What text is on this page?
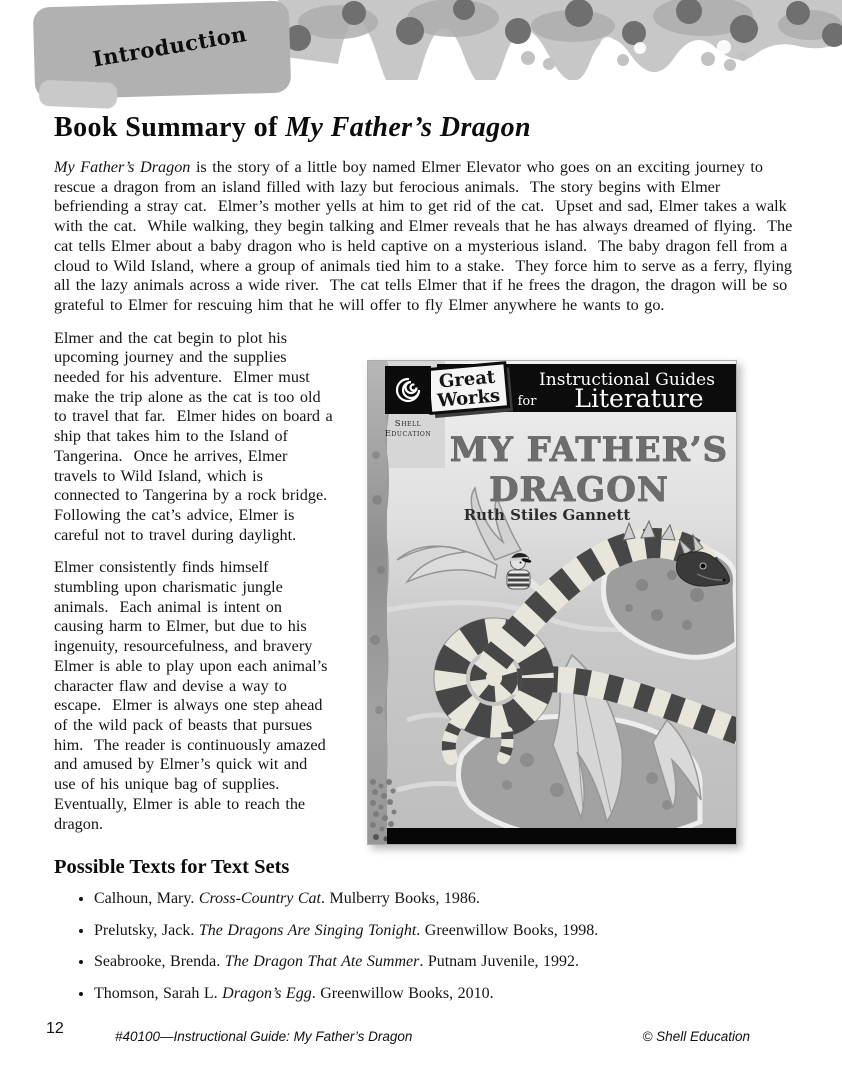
Introduction
Book Summary of My Father’s Dragon

My Father’s Dragon is the story of a little boy named Elmer Elevator who goes on an exciting journey to rescue a dragon from an island filled with lazy but ferocious animals.  The story begins with Elmer befriending a stray cat.  Elmer’s mother yells at him to get rid of the cat.  Upset and sad, Elmer takes a walk with the cat.  While walking, they begin talking and Elmer reveals that he has always dreamed of flying.  The cat tells Elmer about a baby dragon who is held captive on a mysterious island.  The baby dragon fell from a cloud to Wild Island, where a group of animals tied him to a stake.  They force him to serve as a ferry, flying all the lazy animals across a wide river.  The cat tells Elmer that if he frees the dragon, the dragon will be so grateful to Elmer for rescuing him that he will offer to fly Elmer anywhere he wants to go.

Instructional Guides
for Literature
Great
Works
Shell
Education MY FATHER’S
DRAGON
Ruth Stiles Gannett

Elmer and the cat begin to plot his upcoming journey and the supplies needed for his adventure.  Elmer must make the trip alone as the cat is too old to travel that far.  Elmer hides on board a ship that takes him to the Island of Tangerina.  Once he arrives, Elmer travels to Wild Island, which is connected to Tangerina by a rock bridge.  Following the cat’s advice, Elmer is careful not to travel during daylight.

Elmer consistently finds himself stumbling upon charismatic jungle animals.  Each animal is intent on causing harm to Elmer, but due to his ingenuity, resourcefulness, and bravery Elmer is able to play upon each animal’s character flaw and devise a way to escape.  Elmer is always one step ahead of the wild pack of beasts that pursues him.  The reader is continuously amazed and amused by Elmer’s quick wit and use of his unique bag of supplies.  Eventually, Elmer is able to reach the dragon.

Possible Texts for Text Sets
• Calhoun, Mary. Cross-Country Cat. Mulberry Books, 1986.
• Prelutsky, Jack. The Dragons Are Singing Tonight. Greenwillow Books, 1998.
• Seabrooke, Brenda. The Dragon That Ate Summer. Putnam Juvenile, 1992.
• Thomson, Sarah L. Dragon’s Egg. Greenwillow Books, 2010.
12	#40100—Instructional Guide: My Father’s Dragon	© Shell Education
